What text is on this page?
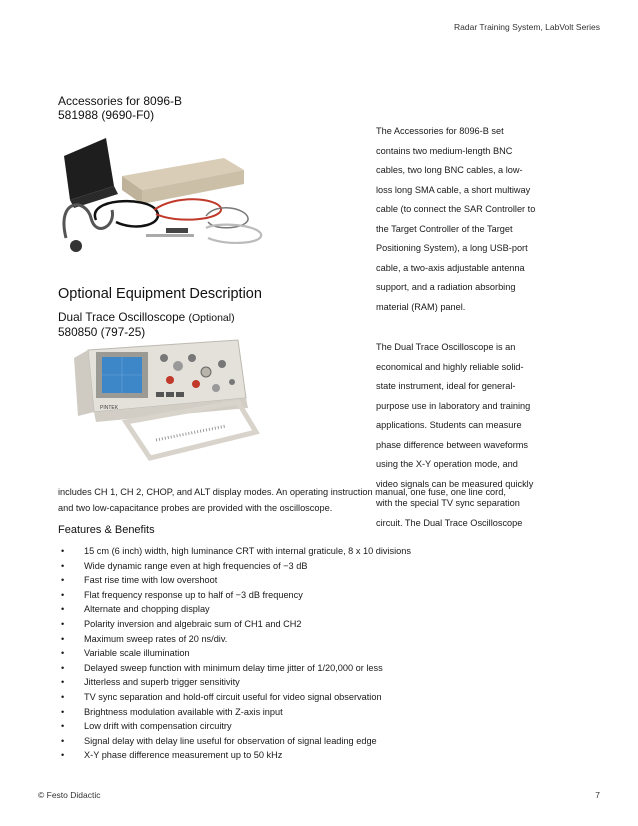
Radar Training System, LabVolt Series
Accessories for 8096-B
581988 (9690-F0)
The Accessories for 8096-B set
contains two medium-length BNC
cables, two long BNC cables, a low-
loss long SMA cable, a short multiway
cable (to connect the SAR Controller to
the Target Controller of the Target
Positioning System), a long USB-port
cable, a two-axis adjustable antenna
support, and a radiation absorbing
material (RAM) panel.
Optional Equipment Description
Dual Trace Oscilloscope (Optional)
580850 (797-25)
PINTEK
The Dual Trace Oscilloscope is an
economical and highly reliable solid-
state instrument, ideal for general-
purpose use in laboratory and training
applications. Students can measure
phase difference between waveforms
using the X-Y operation mode, and
video signals can be measured quickly
with the special TV sync separation
circuit. The Dual Trace Oscilloscope
includes CH 1, CH 2, CHOP, and ALT display modes. An operating instruction manual, one fuse, one line cord,
and two low-capacitance probes are provided with the oscilloscope.
Features & Benefits
• 15 cm (6 inch) width, high luminance CRT with internal graticule, 8 x 10 divisions
• Wide dynamic range even at high frequencies of −3 dB
• Fast rise time with low overshoot
• Flat frequency response up to half of −3 dB frequency
• Alternate and chopping display
• Polarity inversion and algebraic sum of CH1 and CH2
• Maximum sweep rates of 20 ns/div.
• Variable scale illumination
• Delayed sweep function with minimum delay time jitter of 1/20,000 or less
• Jitterless and superb trigger sensitivity
• TV sync separation and hold-off circuit useful for video signal observation
• Brightness modulation available with Z-axis input
• Low drift with compensation circuitry
• Signal delay with delay line useful for observation of signal leading edge
• X-Y phase difference measurement up to 50 kHz
© Festo Didactic	7
